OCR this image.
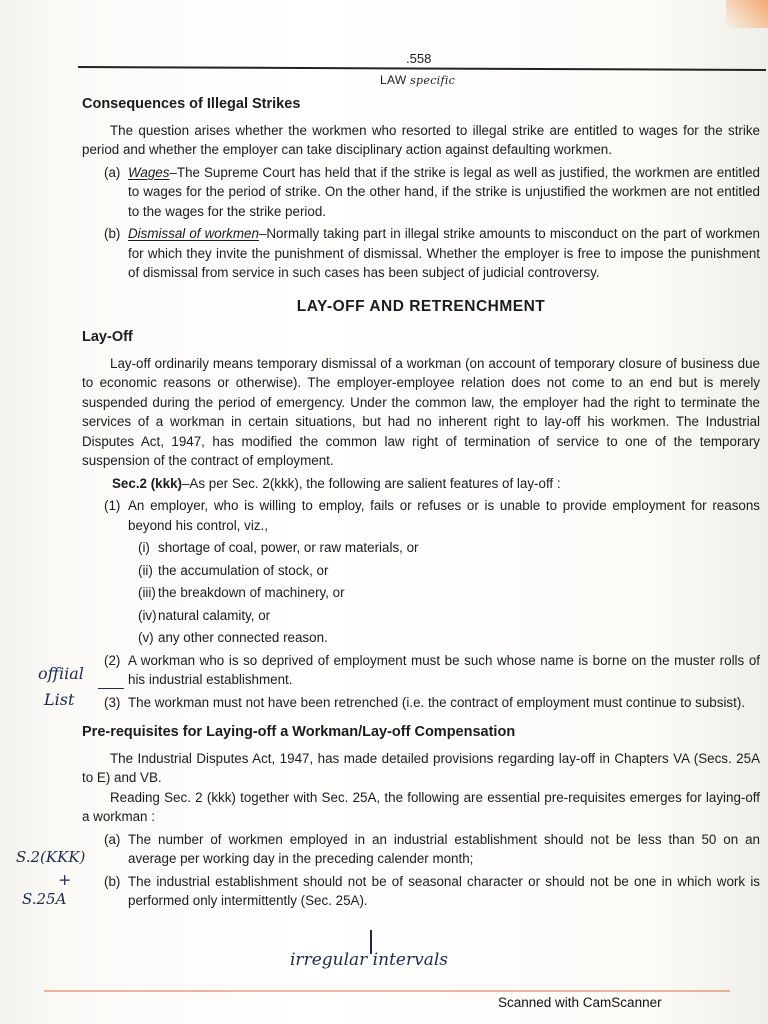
.558
LAW specific
Consequences of Illegal Strikes

The question arises whether the workmen who resorted to illegal strike are entitled to wages for the strike period and whether the employer can take disciplinary action against defaulting workmen.

(a) Wages–The Supreme Court has held that if the strike is legal as well as justified, the workmen are entitled to wages for the period of strike. On the other hand, if the strike is unjustified the workmen are not entitled to the wages for the strike period.
(b) Dismissal of workmen–Normally taking part in illegal strike amounts to misconduct on the part of workmen for which they invite the punishment of dismissal. Whether the employer is free to impose the punishment of dismissal from service in such cases has been subject of judicial controversy.
LAY-OFF AND RETRENCHMENT
Lay-Off

Lay-off ordinarily means temporary dismissal of a workman (on account of temporary closure of business due to economic reasons or otherwise). The employer-employee relation does not come to an end but is merely suspended during the period of emergency. Under the common law, the employer had the right to terminate the services of a workman in certain situations, but had no inherent right to lay-off his workmen. The Industrial Disputes Act, 1947, has modified the common law right of termination of service to one of the temporary suspension of the contract of employment.

Sec.2 (kkk)–As per Sec. 2(kkk), the following are salient features of lay-off :

(1) An employer, who is willing to employ, fails or refuses or is unable to provide employment for reasons beyond his control, viz.,
(i) shortage of coal, power, or raw materials, or
(ii) the accumulation of stock, or
(iii) the breakdown of machinery, or
(iv) natural calamity, or
(v) any other connected reason.
(2) A workman who is so deprived of employment must be such whose name is borne on the muster rolls of his industrial establishment.
(3) The workman must not have been retrenched (i.e. the contract of employment must continue to subsist).
Pre-requisites for Laying-off a Workman/Lay-off Compensation

The Industrial Disputes Act, 1947, has made detailed provisions regarding lay-off in Chapters VA (Secs. 25A to E) and VB.

Reading Sec. 2 (kkk) together with Sec. 25A, the following are essential pre-requisites emerges for laying-off a workman :

(a) The number of workmen employed in an industrial establishment should not be less than 50 on an average per working day in the preceding calender month;
(b) The industrial establishment should not be of seasonal character or should not be one in which work is performed only intermittently (Sec. 25A).
offiial
List
S.2(KKK)
+
S.25A
irregular intervals
Scanned with CamScanner
